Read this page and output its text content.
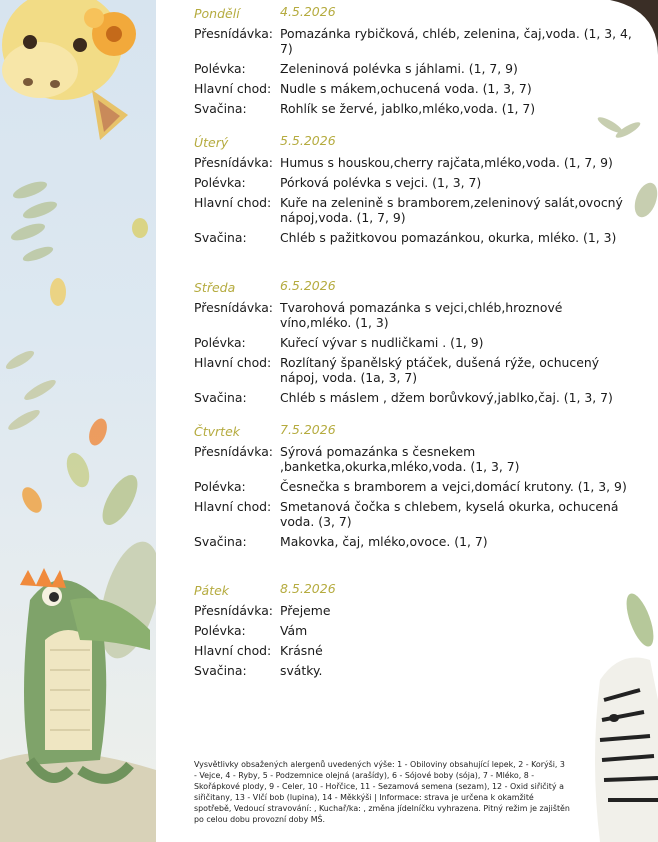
Pondělí	4.5.2026
Přesnídávka: Pomazánka rybičková, chléb, zelenina, čaj,voda. (1, 3, 4, 7)
Polévka:	Zeleninová polévka s jáhlami. (1, 7, 9)
Hlavní chod: Nudle s mákem,ochucená voda. (1, 3, 7)
Svačina:	Rohlík se žervé, jablko,mléko,voda. (1, 7)
Úterý	5.5.2026
Přesnídávka: Humus s houskou,cherry rajčata,mléko,voda. (1, 7, 9)
Polévka:	Pórková polévka s vejci. (1, 3, 7)
Hlavní chod: Kuře na zelenině s bramborem,zeleninový salát,ovocný nápoj,voda. (1, 7, 9)
Svačina:	Chléb s pažitkovou pomazánkou, okurka, mléko. (1, 3)
Středa	6.5.2026
Přesnídávka: Tvarohová pomazánka s vejci,chléb,hroznové víno,mléko. (1, 3)
Polévka:	Kuřecí vývar s nudličkami . (1, 9)
Hlavní chod: Rozlítaný španělský ptáček, dušená rýže, ochucený nápoj, voda. (1a, 3, 7)
Svačina:	Chléb s máslem , džem borůvkový,jablko,čaj. (1, 3, 7)
Čtvrtek	7.5.2026
Přesnídávka: Sýrová pomazánka s česnekem ,banketka,okurka,mléko,voda. (1, 3, 7)
Polévka:	Česnečka s bramborem a vejci,domácí krutony. (1, 3, 9)
Hlavní chod: Smetanová čočka s chlebem, kyselá okurka, ochucená voda. (3, 7)
Svačina:	Makovka, čaj, mléko,ovoce. (1, 7)
Pátek	8.5.2026
Přesnídávka: Přejeme
Polévka:	Vám
Hlavní chod: Krásné
Svačina:	svátky.
Vysvětlivky obsažených alergenů uvedených výše: 1 - Obiloviny obsahující lepek, 2 - Korýši, 3 - Vejce, 4 - Ryby, 5 - Podzemnice olejná (arašídy), 6 - Sójové boby (sója), 7 - Mléko, 8 - Skořápkové plody, 9 - Celer, 10 - Hořčice, 11 - Sezamová semena (sezam), 12 - Oxid siřičitý a siřičitany, 13 - Vlčí bob (lupina), 14 - Měkkýši | Informace: strava je určena k okamžité spotřebě, Vedoucí stravování: , Kuchař/ka: , změna jídelníčku vyhrazena. Pitný režim je zajištěn po celou dobu provozní doby MŠ.
